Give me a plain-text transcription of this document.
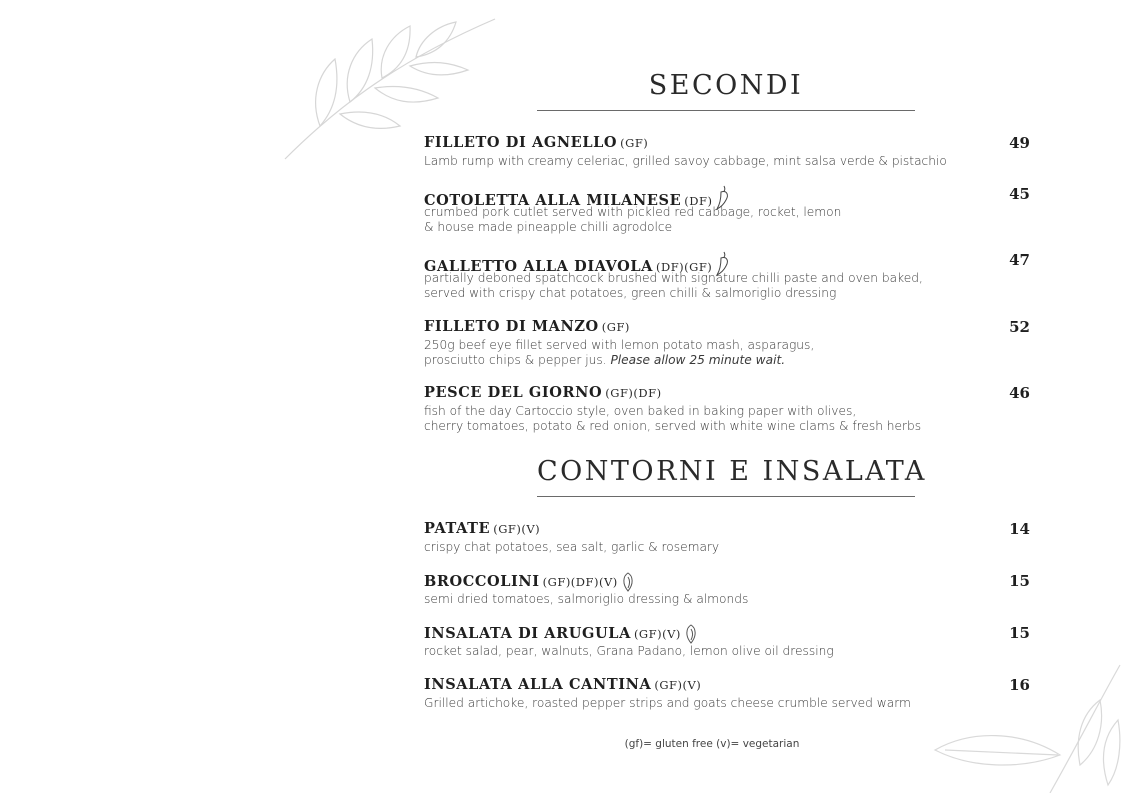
SECONDI
FILLETO DI AGNELLO (GF)	49
Lamb rump with creamy celeriac, grilled savoy cabbage, mint salsa verde & pistachio
COTOLETTA ALLA MILANESE (DF)	45
crumbed pork cutlet served with pickled red cabbage, rocket, lemon
& house made pineapple chilli agrodolce
GALLETTO ALLA DIAVOLA (DF)(GF)	47
partially deboned spatchcock brushed with signature chilli paste and oven baked,
served with crispy chat potatoes, green chilli & salmoriglio dressing
FILLETO DI MANZO (GF)	52
250g beef eye fillet served with lemon potato mash, asparagus,
prosciutto chips & pepper jus. Please allow 25 minute wait.
PESCE DEL GIORNO (GF)(DF)	46
fish of the day Cartoccio style, oven baked in baking paper with olives,
cherry tomatoes, potato & red onion, served with white wine clams & fresh herbs
CONTORNI E INSALATA
PATATE (GF)(V)	14
crispy chat potatoes, sea salt, garlic & rosemary
BROCCOLINI (GF)(DF)(V)	15
semi dried tomatoes, salmoriglio dressing & almonds
INSALATA DI ARUGULA (GF)(V)	15
rocket salad, pear, walnuts, Grana Padano, lemon olive oil dressing
INSALATA ALLA CANTINA (GF)(V)	16
Grilled artichoke, roasted pepper strips and goats cheese crumble served warm
(gf)= gluten free (v)= vegetarian
